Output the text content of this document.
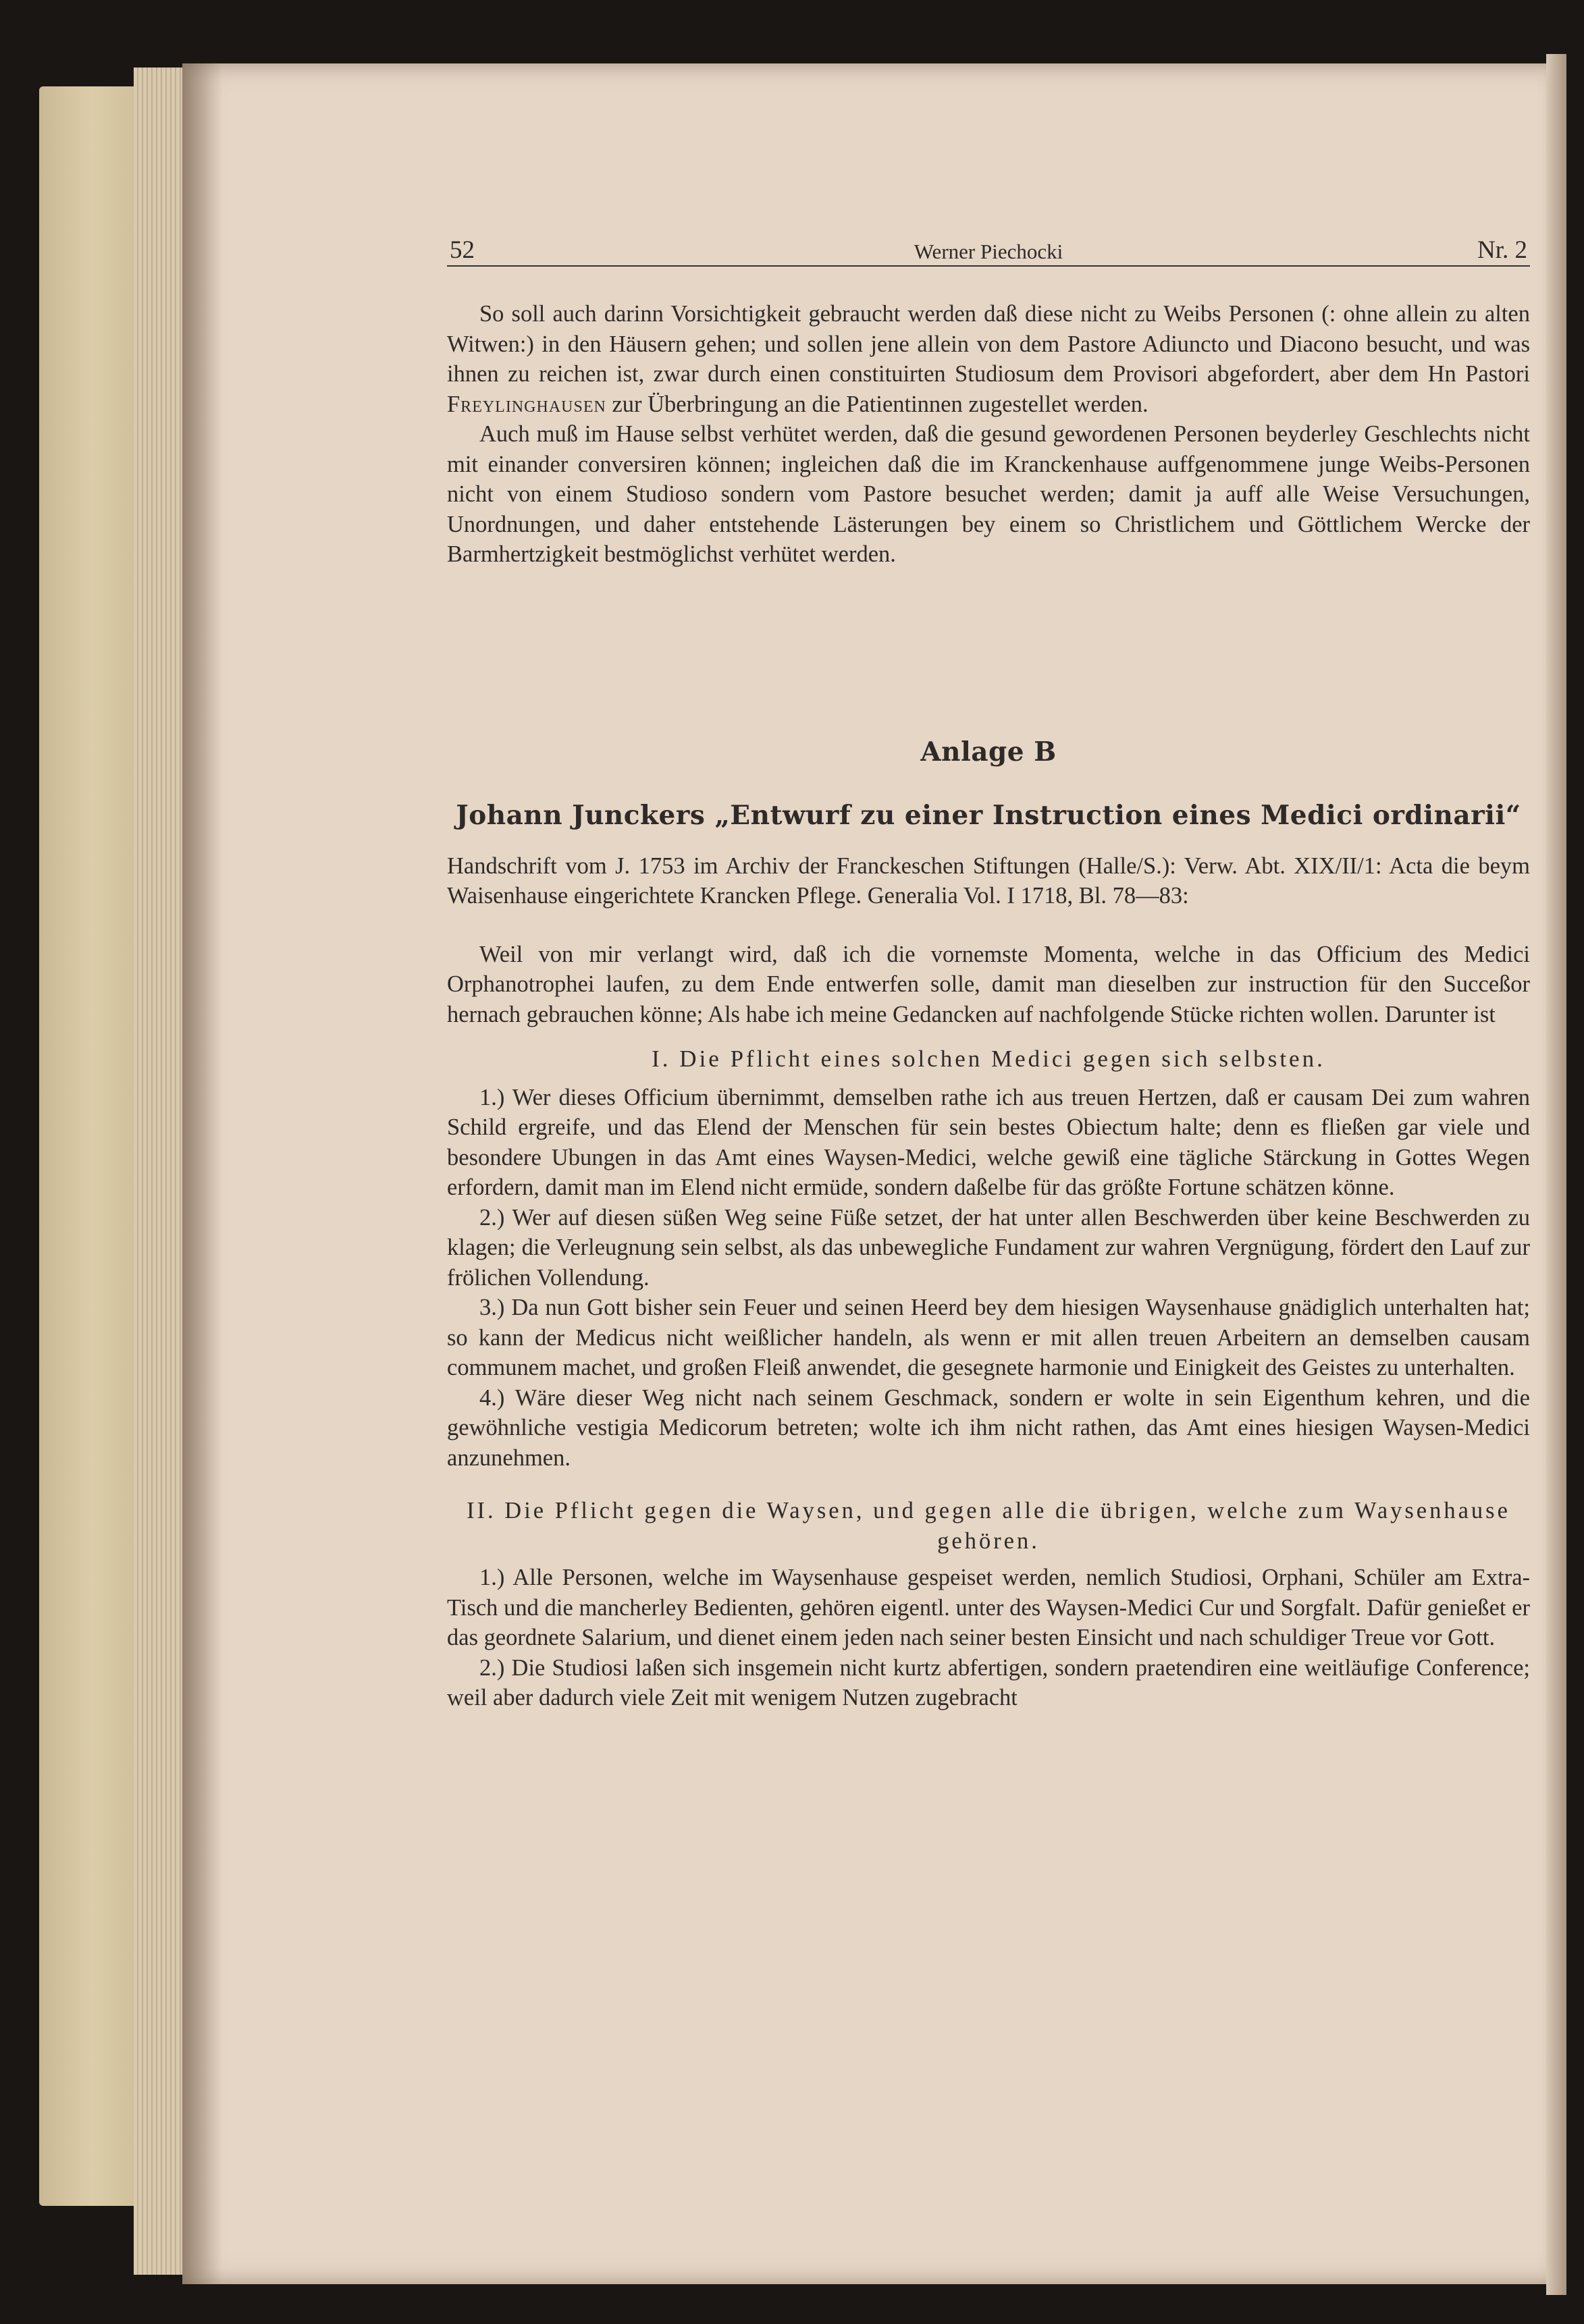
52	Werner Piechocki	Nr. 2

So soll auch darinn Vorsichtigkeit gebraucht werden daß diese nicht zu Weibs Personen (: ohne allein zu alten Witwen:) in den Häusern gehen; und sollen jene allein von dem Pastore Adiuncto und Diacono besucht, und was ihnen zu reichen ist, zwar durch einen constituirten Studiosum dem Provisori abgefordert, aber dem Hn Pastori Freylinghausen zur Überbringung an die Patientinnen zugestellet werden.

Auch muß im Hause selbst verhütet werden, daß die gesund gewordenen Personen beyderley Geschlechts nicht mit einander conversiren können; ingleichen daß die im Kranckenhause auffgenommene junge Weibs-Personen nicht von einem Studioso sondern vom Pastore besuchet werden; damit ja auff alle Weise Versuchungen, Unordnungen, und daher entstehende Lästerungen bey einem so Christlichem und Göttlichem Wercke der Barmhertzigkeit bestmöglichst verhütet werden.

Anlage B

Johann Junckers „Entwurf zu einer Instruction eines Medici ordinarii“

Handschrift vom J. 1753 im Archiv der Franckeschen Stiftungen (Halle/S.): Verw. Abt. XIX/II/1: Acta die beym Waisenhause eingerichtete Krancken Pflege. Generalia Vol. I 1718, Bl. 78—83:

Weil von mir verlangt wird, daß ich die vornemste Momenta, welche in das Officium des Medici Orphanotrophei laufen, zu dem Ende entwerfen solle, damit man dieselben zur instruction für den Succeßor hernach gebrauchen könne; Als habe ich meine Gedancken auf nachfolgende Stücke richten wollen. Darunter ist

I. Die Pflicht eines solchen Medici gegen sich selbsten.

1.) Wer dieses Officium übernimmt, demselben rathe ich aus treuen Hertzen, daß er causam Dei zum wahren Schild ergreife, und das Elend der Menschen für sein bestes Obiectum halte; denn es fließen gar viele und besondere Ubungen in das Amt eines Waysen-Medici, welche gewiß eine tägliche Stärckung in Gottes Wegen erfordern, damit man im Elend nicht ermüde, sondern daßelbe für das größte Fortune schätzen könne.

2.) Wer auf diesen süßen Weg seine Füße setzet, der hat unter allen Beschwerden über keine Beschwerden zu klagen; die Verleugnung sein selbst, als das unbewegliche Fundament zur wahren Vergnügung, fördert den Lauf zur frölichen Vollendung.

3.) Da nun Gott bisher sein Feuer und seinen Heerd bey dem hiesigen Waysenhause gnädiglich unterhalten hat; so kann der Medicus nicht weißlicher handeln, als wenn er mit allen treuen Arbeitern an demselben causam communem machet, und großen Fleiß anwendet, die gesegnete harmonie und Einigkeit des Geistes zu unterhalten.

4.) Wäre dieser Weg nicht nach seinem Geschmack, sondern er wolte in sein Eigenthum kehren, und die gewöhnliche vestigia Medicorum betreten; wolte ich ihm nicht rathen, das Amt eines hiesigen Waysen-Medici anzunehmen.

II. Die Pflicht gegen die Waysen, und gegen alle die übrigen, welche zum Waysenhause gehören.

1.) Alle Personen, welche im Waysenhause gespeiset werden, nemlich Studiosi, Orphani, Schüler am Extra-Tisch und die mancherley Bedienten, gehören eigentl. unter des Waysen-Medici Cur und Sorgfalt. Dafür genießet er das geordnete Salarium, und dienet einem jeden nach seiner besten Einsicht und nach schuldiger Treue vor Gott.

2.) Die Studiosi laßen sich insgemein nicht kurtz abfertigen, sondern praetendiren eine weitläufige Conference; weil aber dadurch viele Zeit mit wenigem Nutzen zugebracht
